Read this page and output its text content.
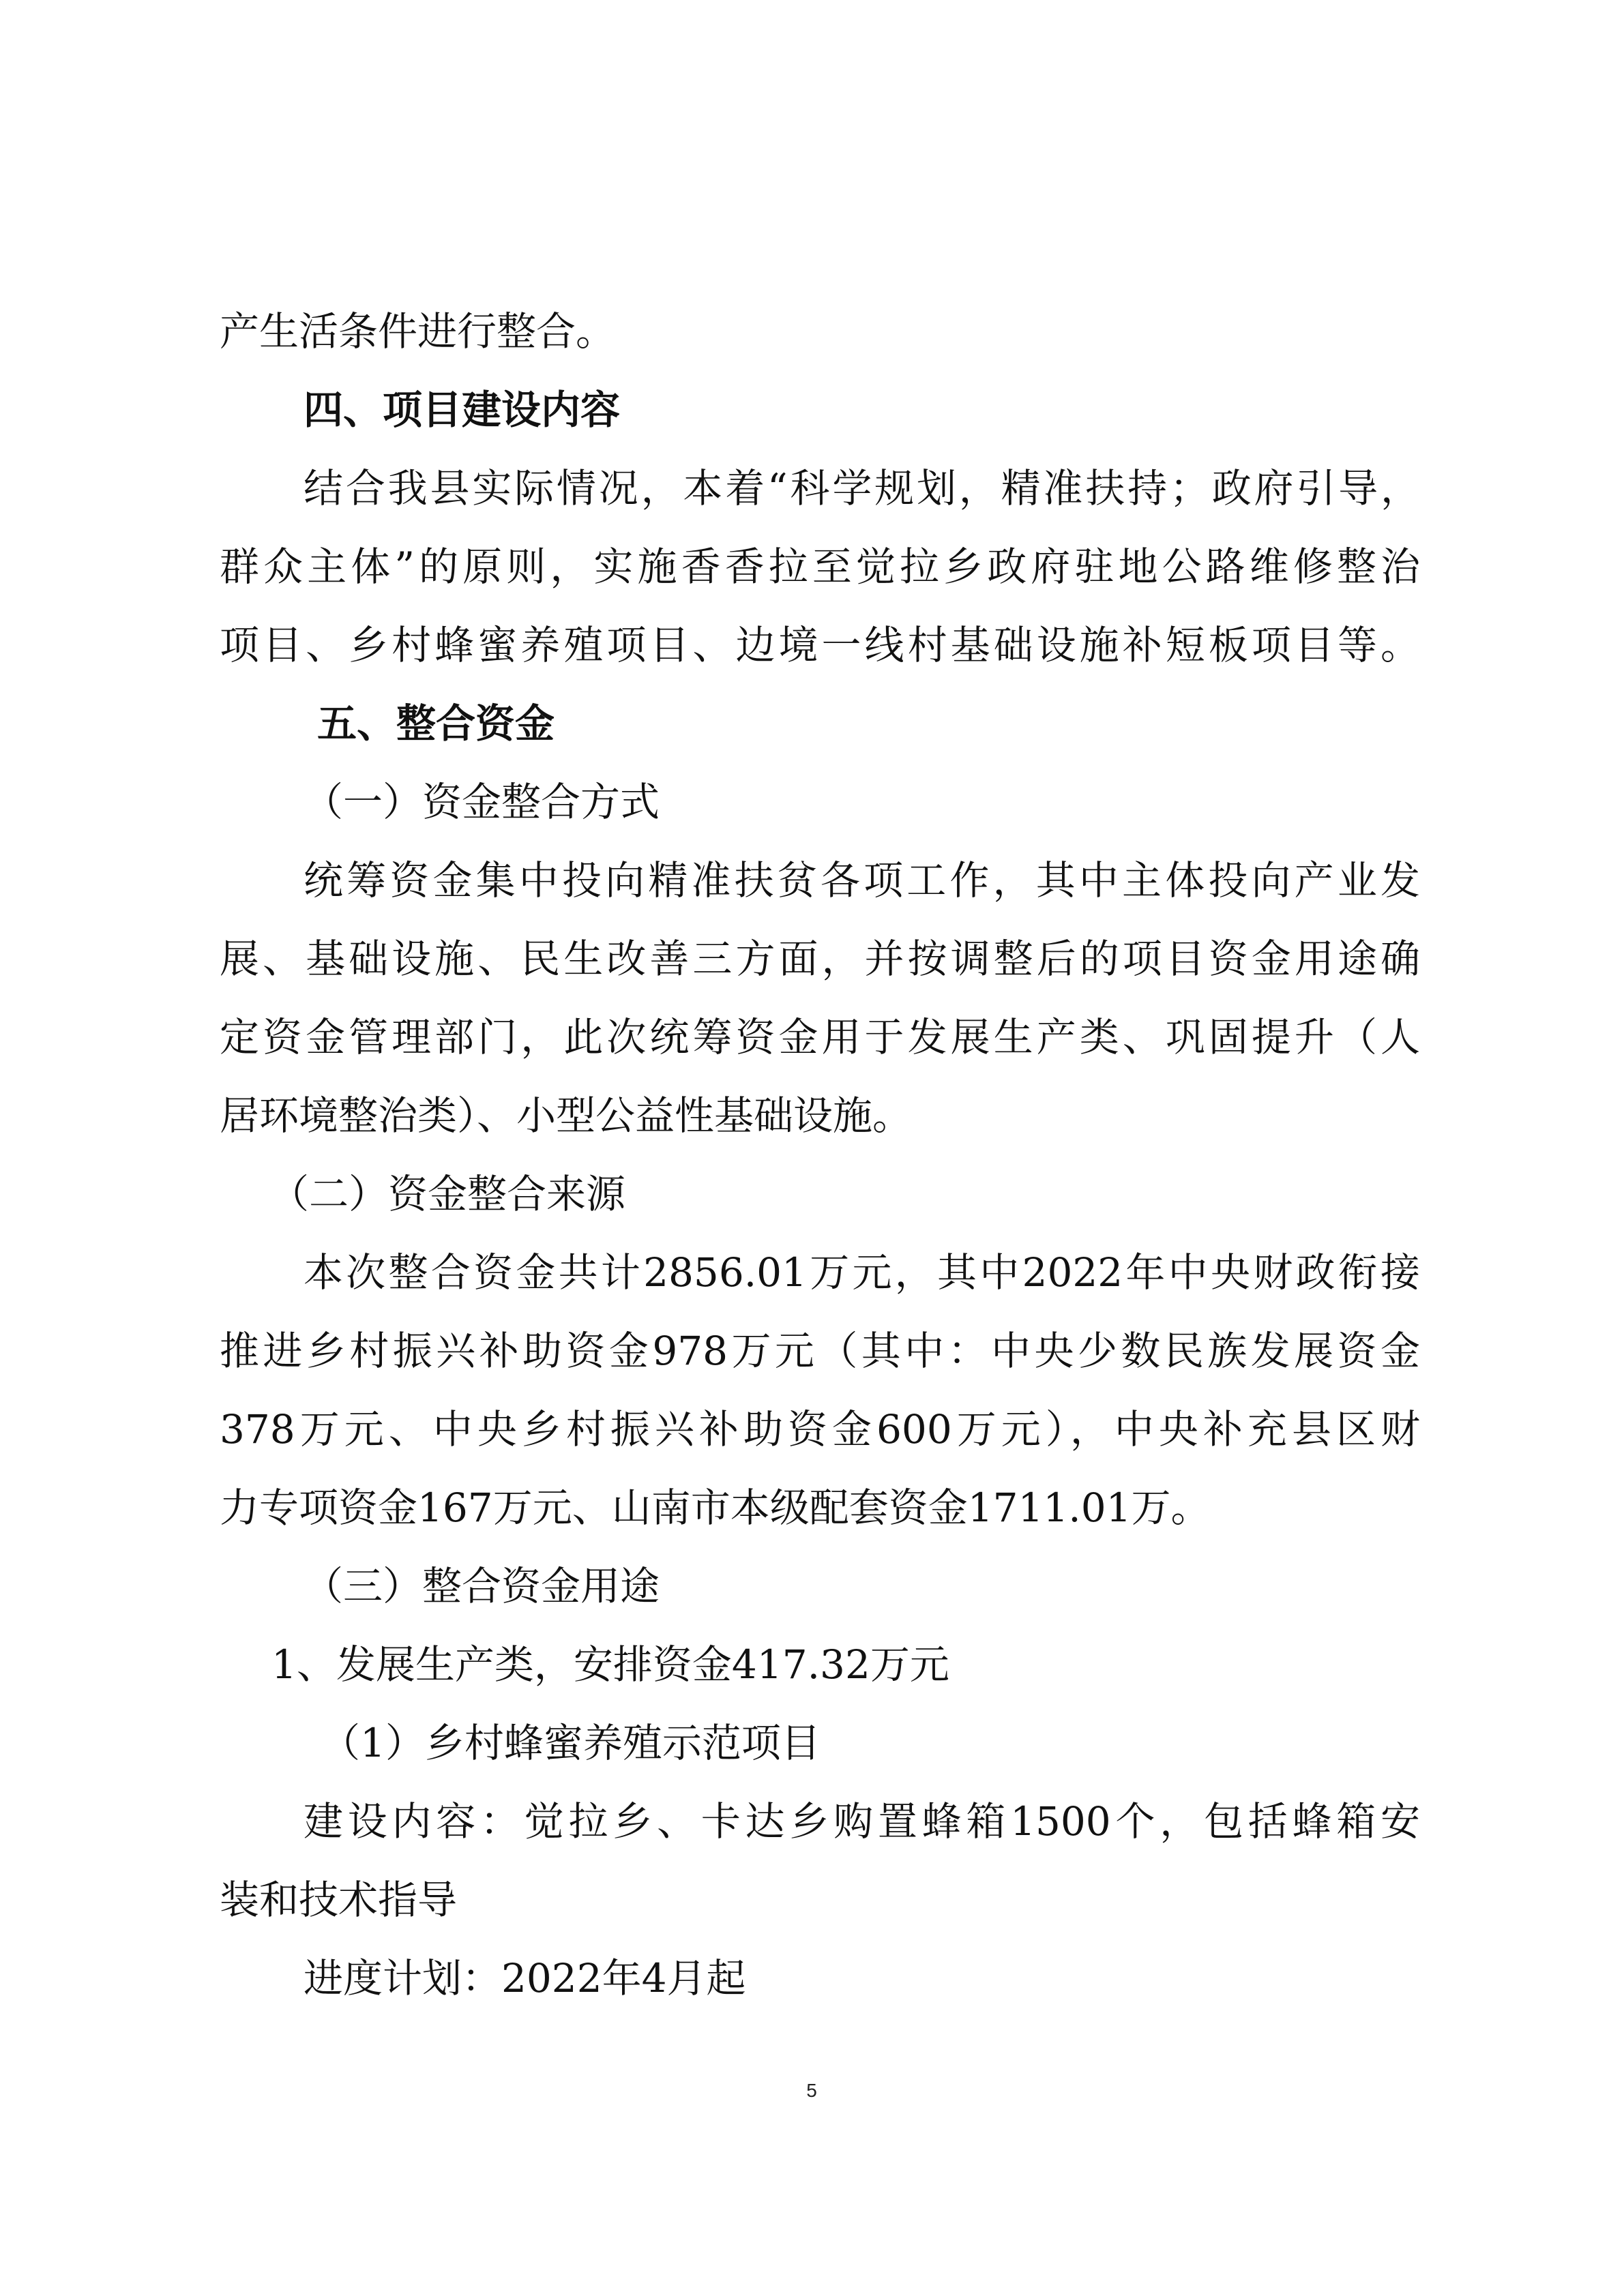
产生活条件进行整合。
四、项目建设内容
结合我县实际情况，本着“科学规划，精准扶持；政府引导，
群众主体”的原则，实施香香拉至觉拉乡政府驻地公路维修整治
项目、乡村蜂蜜养殖项目、边境一线村基础设施补短板项目等。
五、整合资金
（一）资金整合方式
统筹资金集中投向精准扶贫各项工作，其中主体投向产业发
展、基础设施、民生改善三方面，并按调整后的项目资金用途确
定资金管理部门，此次统筹资金用于发展生产类、巩固提升（人
居环境整治类）、小型公益性基础设施。
（二）资金整合来源
本次整合资金共计2856.01万元，其中2022年中央财政衔接
推进乡村振兴补助资金978万元（其中：中央少数民族发展资金
378万元、中央乡村振兴补助资金600万元），中央补充县区财
力专项资金167万元、山南市本级配套资金1711.01万。
（三）整合资金用途
1、发展生产类，安排资金417.32万元
（1）乡村蜂蜜养殖示范项目
建设内容：觉拉乡、卡达乡购置蜂箱1500个，包括蜂箱安
装和技术指导
进度计划：2022年4月起
5
